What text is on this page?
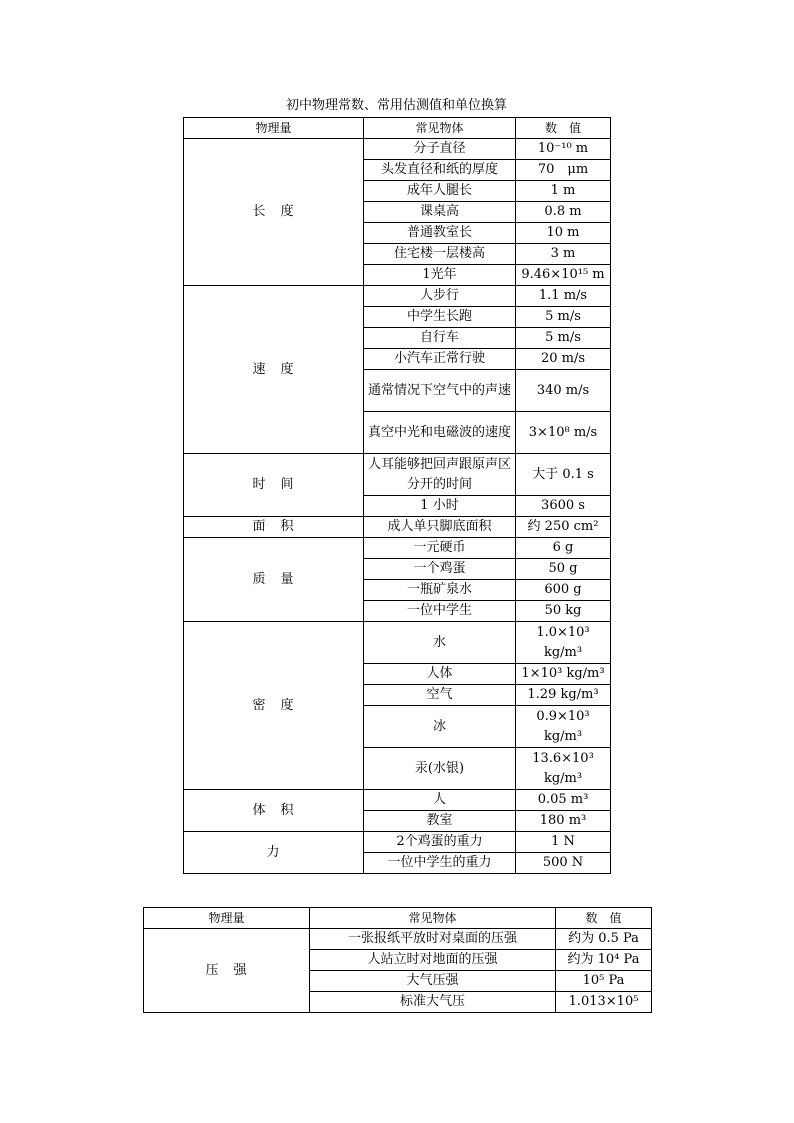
初中物理常数、常用估测值和单位换算
物理量	常见物体	数　值
长　度	分子直径	10⁻¹⁰ m
	头发直径和纸的厚度	70　μm
	成年人腿长	1 m
	课桌高	0.8 m
	普通教室长	10 m
	住宅楼一层楼高	3 m
	1光年	9.46×10¹⁵ m
速　度	人步行	1.1 m/s
	中学生长跑	5 m/s
	自行车	5 m/s
	小汽车正常行驶	20 m/s
	通常情况下空气中的声速	340 m/s
	真空中光和电磁波的速度	3×10⁸ m/s
时　间	人耳能够把回声跟原声区分开的时间	大于 0.1 s
	1 小时	3600 s
面　积	成人单只脚底面积	约 250 cm²
质　量	一元硬币	6 g
	一个鸡蛋	50 g
	一瓶矿泉水	600 g
	一位中学生	50 kg
密　度	水	1.0×10³ kg/m³
	人体	1×10³ kg/m³
	空气	1.29 kg/m³
	冰	0.9×10³ kg/m³
	汞(水银)	13.6×10³ kg/m³
体　积	人	0.05 m³
	教室	180 m³
力	2个鸡蛋的重力	1 N
	一位中学生的重力	500 N
物理量	常见物体	数　值
压　强	一张报纸平放时对桌面的压强	约为 0.5 Pa
	人站立时对地面的压强	约为 10⁴ Pa
	大气压强	10⁵ Pa
	标准大气压	1.013×10⁵
